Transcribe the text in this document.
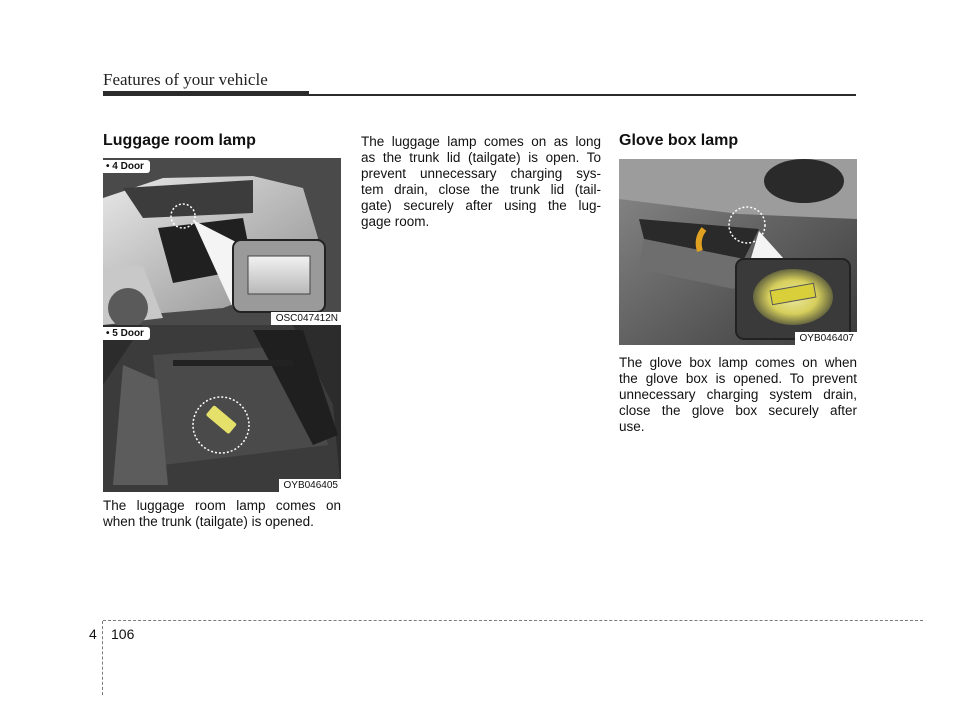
Features of your vehicle
Luggage room lamp
• 4 Door
OSC047412N
• 5 Door
OYB046405
The luggage room lamp comes on
when the trunk (tailgate) is opened.
The luggage lamp comes on as long
as the trunk lid (tailgate) is open. To
prevent unnecessary charging sys-
tem drain, close the trunk lid (tail-
gate) securely after using the lug-
gage room.
Glove box lamp
OYB046407
The glove box lamp comes on when
the glove box is opened. To prevent
unnecessary charging system drain,
close the glove box securely after
use.
4 106
